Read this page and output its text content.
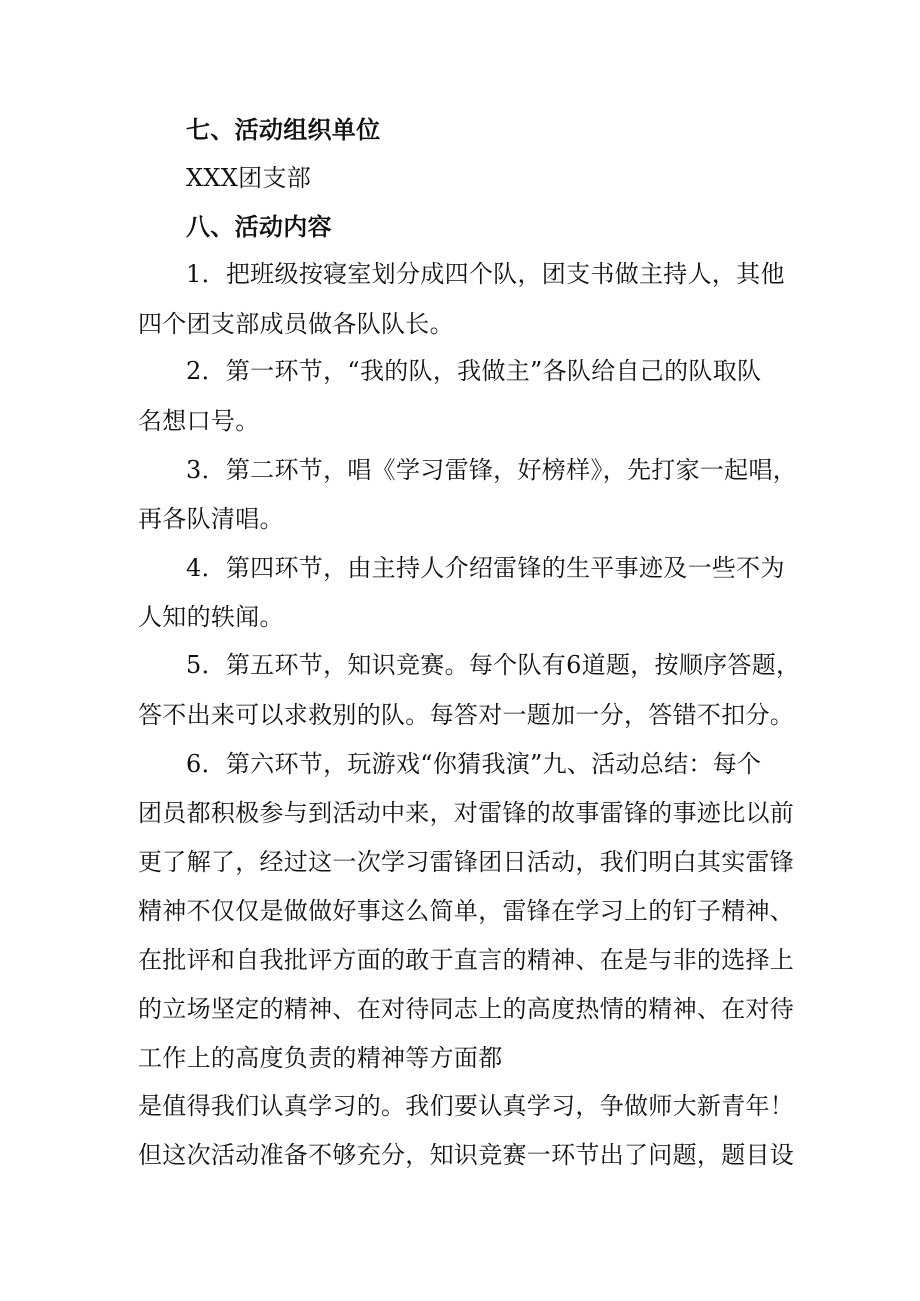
七、活动组织单位
XXX团支部
八、活动内容
1．把班级按寝室划分成四个队，团支书做主持人，其他
四个团支部成员做各队队长。
2．第一环节，“我的队，我做主”各队给自己的队取队
名想口号。
3．第二环节，唱《学习雷锋，好榜样》，先打家一起唱，
再各队清唱。
4．第四环节，由主持人介绍雷锋的生平事迹及一些不为
人知的轶闻。
5．第五环节，知识竞赛。每个队有6道题，按顺序答题，
答不出来可以求救别的队。每答对一题加一分，答错不扣分。
6．第六环节，玩游戏“你猜我演”九、活动总结：每个
团员都积极参与到活动中来，对雷锋的故事雷锋的事迹比以前
更了解了，经过这一次学习雷锋团日活动，我们明白其实雷锋
精神不仅仅是做做好事这么简单，雷锋在学习上的钉子精神、
在批评和自我批评方面的敢于直言的精神、在是与非的选择上
的立场坚定的精神、在对待同志上的高度热情的精神、在对待
工作上的高度负责的精神等方面都
是值得我们认真学习的。我们要认真学习，争做师大新青年！
但这次活动准备不够充分，知识竞赛一环节出了问题，题目设
